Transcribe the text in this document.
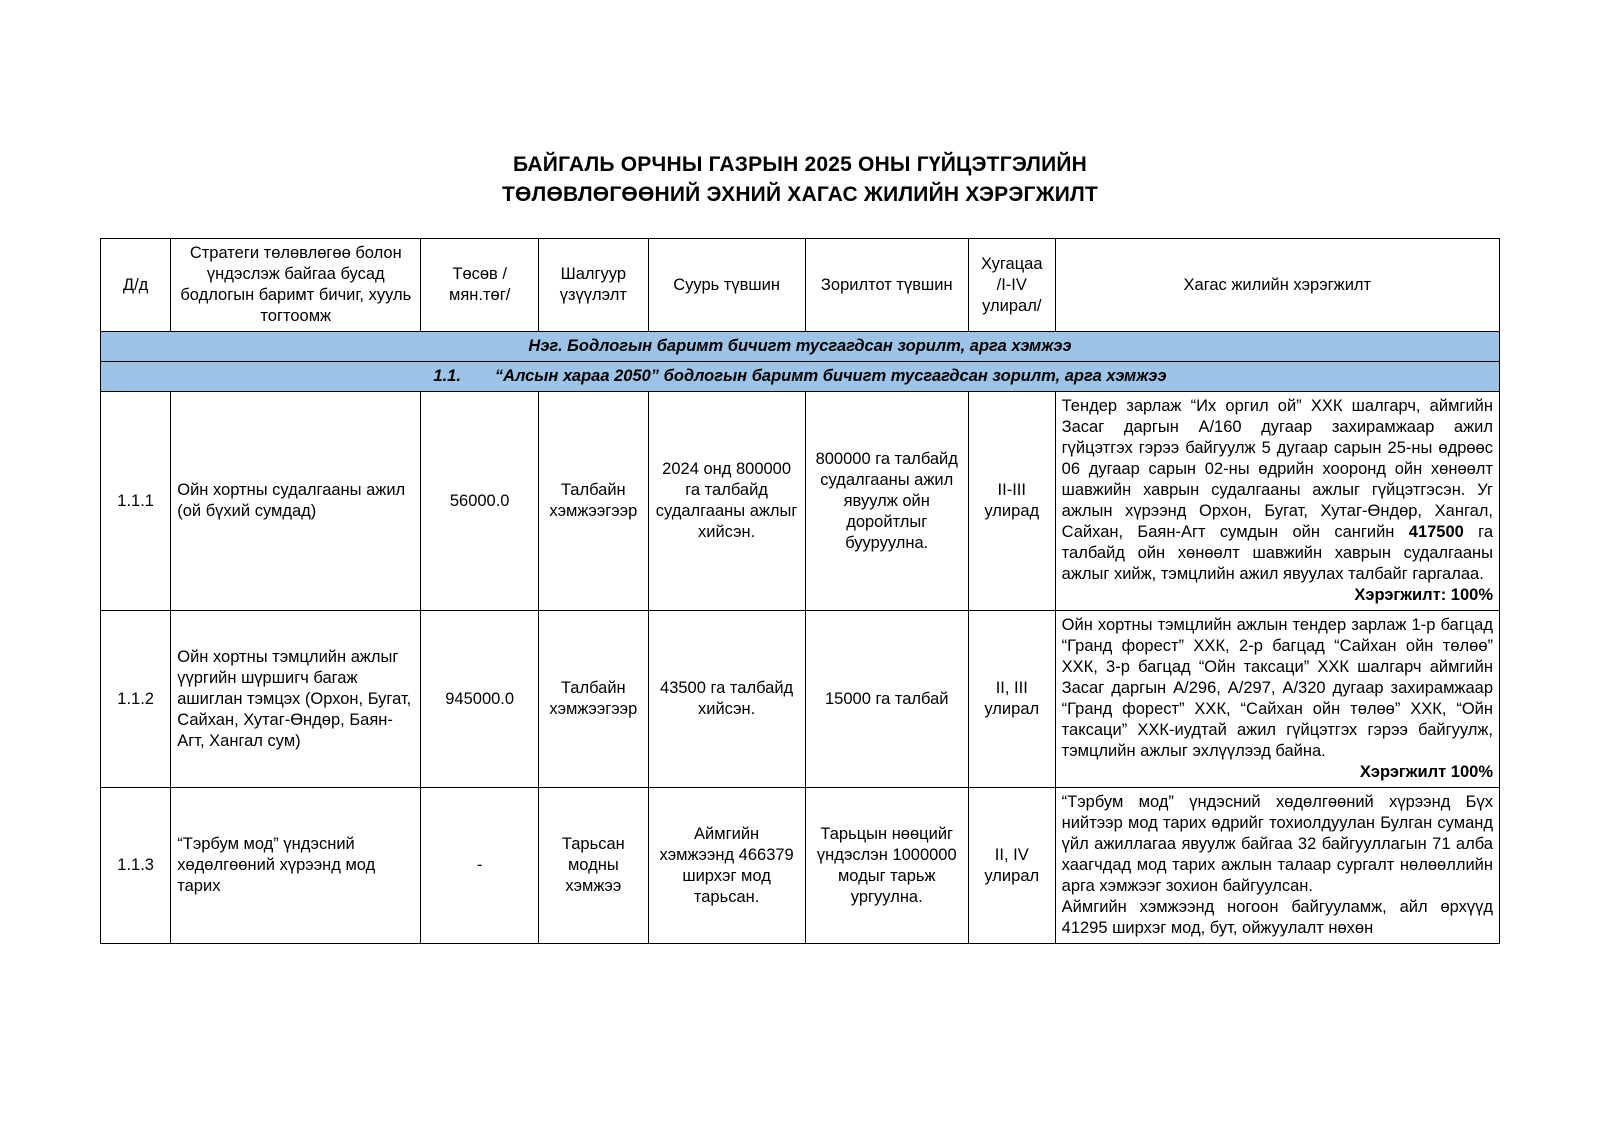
БАЙГАЛЬ ОРЧНЫ ГАЗРЫН 2025 ОНЫ ГҮЙЦЭТГЭЛИЙН
ТӨЛӨВЛӨГӨӨНИЙ ЭХНИЙ ХАГАС ЖИЛИЙН ХЭРЭГЖИЛТ
Д/д	Стратеги төлөвлөгөө болон үндэслэж байгаа бусад бодлогын баримт бичиг, хууль тогтоомж	Төсөв /мян.төг/	Шалгуур үзүүлэлт	Суурь түвшин	Зорилтот түвшин	Хугацаа /I-IV улирал/	Хагас жилийн хэрэгжилт
Нэг. Бодлогын баримт бичигт тусгагдсан зорилт, арга хэмжээ							
1.1. “Алсын хараа 2050” бодлогын баримт бичигт тусгагдсан зорилт, арга хэмжээ							
1.1.1	Ойн хортны судалгааны ажил (ой бүхий сумдад)	56000.0	Талбайн хэмжээгээр	2024 онд 800000 га талбайд судалгааны ажлыг хийсэн.	800000 га талбайд судалгааны ажил явуулж ойн доройтлыг бууруулна.	II-III улирад	Тендер зарлаж “Их оргил ой” ХХК шалгарч, аймгийн Засаг даргын А/160 дугаар захирамжаар ажил гүйцэтгэх гэрээ байгуулж 5 дугаар сарын 25-ны өдрөөс 06 дугаар сарын 02-ны өдрийн хооронд ойн хөнөөлт шавжийн хаврын судалгааны ажлыг гүйцэтгэсэн. Уг ажлын хүрээнд Орхон, Бугат, Хутаг-Өндөр, Хангал, Сайхан, Баян-Агт сумдын ойн сангийн 417500 га талбайд ойн хөнөөлт шавжийн хаврын судалгааны ажлыг хийж, тэмцлийн ажил явуулах талбайг гаргалаа.

Хэрэгжилт: 100%

1.1.2	Ойн хортны тэмцлийн ажлыг үүргийн шүршигч багаж ашиглан тэмцэх (Орхон, Бугат, Сайхан, Хутаг-Өндөр, Баян-Агт, Хангал сум)	945000.0	Талбайн хэмжээгээр	43500 га талбайд хийсэн.	15000 га талбай	II, III улирал	Ойн хортны тэмцлийн ажлын тендер зарлаж 1-р багцад “Гранд форест” ХХК, 2-р багцад “Сайхан ойн төлөө” ХХК, 3-р багцад “Ойн таксаци” ХХК шалгарч аймгийн Засаг даргын А/296, А/297, А/320 дугаар захирамжаар “Гранд форест” ХХК, “Сайхан ойн төлөө” ХХК, “Ойн таксаци” ХХК-иудтай ажил гүйцэтгэх гэрээ байгуулж, тэмцлийн ажлыг эхлүүлээд байна.

Хэрэгжилт 100%

1.1.3	“Тэрбум мод” үндэсний хөдөлгөөний хүрээнд мод тарих	-	Тарьсан модны хэмжээ	Аймгийн хэмжээнд 466379 ширхэг мод тарьсан.	Тарьцын нөөцийг үндэслэн 1000000 модыг тарьж ургуулна.	II, IV улирал	“Тэрбум мод” үндэсний хөдөлгөөний хүрээнд Бүх нийтээр мод тарих өдрийг тохиолдуулан Булган суманд үйл ажиллагаа явуулж байгаа 32 байгууллагын 71 алба хаагчдад мод тарих ажлын талаар сургалт нөлөөллийн арга хэмжээг зохион байгуулсан.

Аймгийн хэмжээнд ногоон байгууламж, айл өрхүүд 41295 ширхэг мод, бут, ойжуулалт нөхөн
